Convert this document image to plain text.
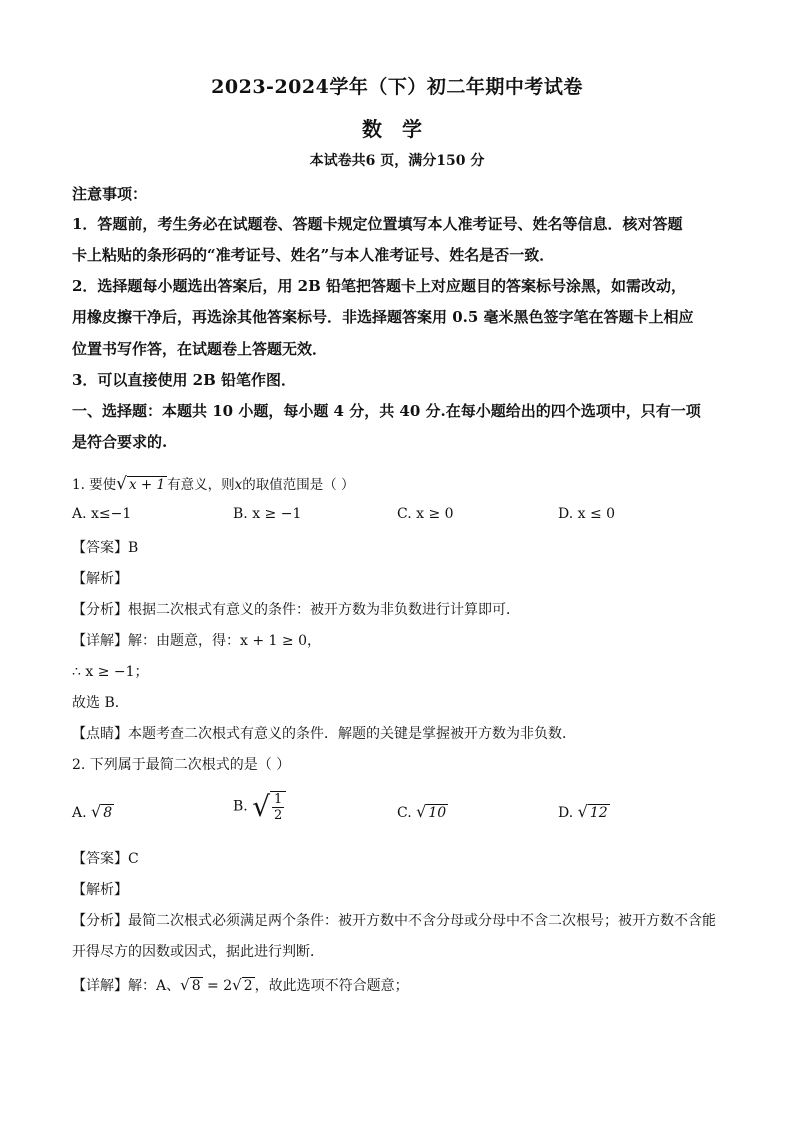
2023-2024学年（下）初二年期中考试卷
数学
本试卷共6 页，满分150 分
注意事项：
1．答题前，考生务必在试题卷、答题卡规定位置填写本人准考证号、姓名等信息．核对答题
卡上粘贴的条形码的“准考证号、姓名”与本人准考证号、姓名是否一致．
2．选择题每小题选出答案后，用 2B 铅笔把答题卡上对应题目的答案标号涂黑，如需改动，
用橡皮擦干净后，再选涂其他答案标号．非选择题答案用 0.5 毫米黑色签字笔在答题卡上相应
位置书写作答，在试题卷上答题无效．
3．可以直接使用 2B 铅笔作图．
一、选择题：本题共 10 小题，每小题 4 分，共 40 分.在每小题给出的四个选项中，只有一项
是符合要求的.
1. 要使√ x + 1 有意义，则x的取值范围是（ ）
A. x≤−1	B. x ≥ −1	C. x ≥ 0	D. x ≤ 0
【答案】B
【解析】
【分析】根据二次根式有意义的条件：被开方数为非负数进行计算即可．
【详解】解：由题意，得：x + 1 ≥ 0，
∴ x ≥ −1；
故选 B．
【点睛】本题考查二次根式有意义的条件．解题的关键是掌握被开方数为非负数．
2. 下列属于最简二次根式的是（ ）
A. √ 8	B. √ $\frac{1}{2}$	C. √ 10	D. √ 12
【答案】C
【解析】
【分析】最简二次根式必须满足两个条件：被开方数中不含分母或分母中不含二次根号；被开方数不含能
开得尽方的因数或因式，据此进行判断．
【详解】解：A、√ 8 = 2√ 2 ，故此选项不符合题意；
